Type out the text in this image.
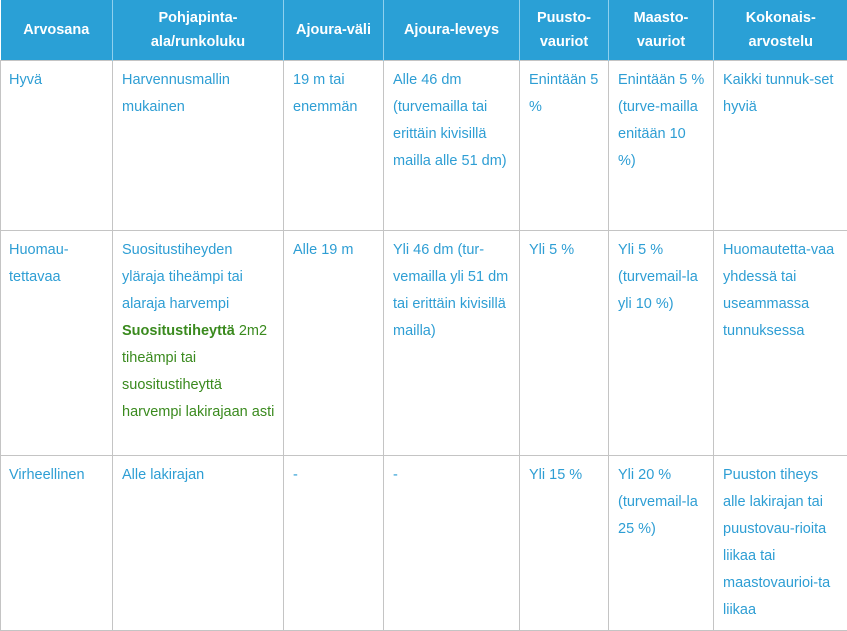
Arvosana	Pohjapinta-ala/runkoluku	Ajoura-väli	Ajoura-leveys	Puusto-vauriot	Maasto-vauriot	Kokonais-arvostelu
Hyvä	Harvennusmallin mukainen	19 m tai enemmän	Alle 46 dm (turvemailla tai erittäin kivisillä mailla alle 51 dm)	Enintään 5 %	Enintään 5 % (turve-mailla enitään 10 %)	Kaikki tunnuk-set hyviä
Huomau-tettavaa	Suositustiheyden yläraja tiheämpi tai alaraja harvempi Suositustiheyttä 2m2 tiheämpi tai suositustiheyttä harvempi lakirajaan asti	Alle 19 m	Yli 46 dm (tur-vemailla yli 51 dm tai erittäin kivisillä mailla)	Yli 5 %	Yli 5 % (turvemail-la yli 10 %)	Huomautetta-vaa yhdessä tai useammassa tunnuksessa
Virheellinen	Alle lakirajan	-	-	Yli 15 %	Yli 20 % (turvemail-la 25 %)	Puuston tiheys alle lakirajan tai puustovau-rioita liikaa tai maastovaurioi-ta liikaa
